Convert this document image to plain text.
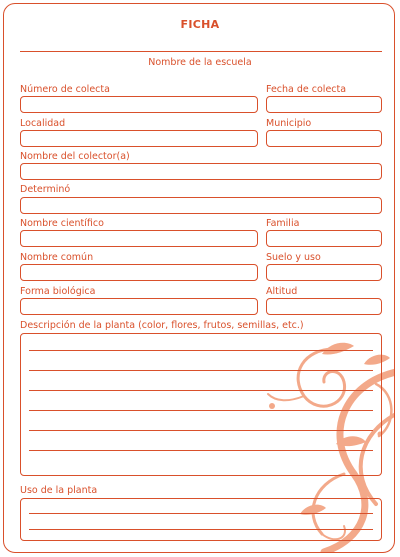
FICHA
Nombre de la escuela
Número de colecta	Fecha de colecta
Localidad	Municipio
Nombre del colector(a)
Determinó
Nombre científico	Familia
Nombre común	Suelo y uso
Forma biológica	Altitud
Descripción de la planta (color, flores, frutos, semillas, etc.)
Uso de la planta
